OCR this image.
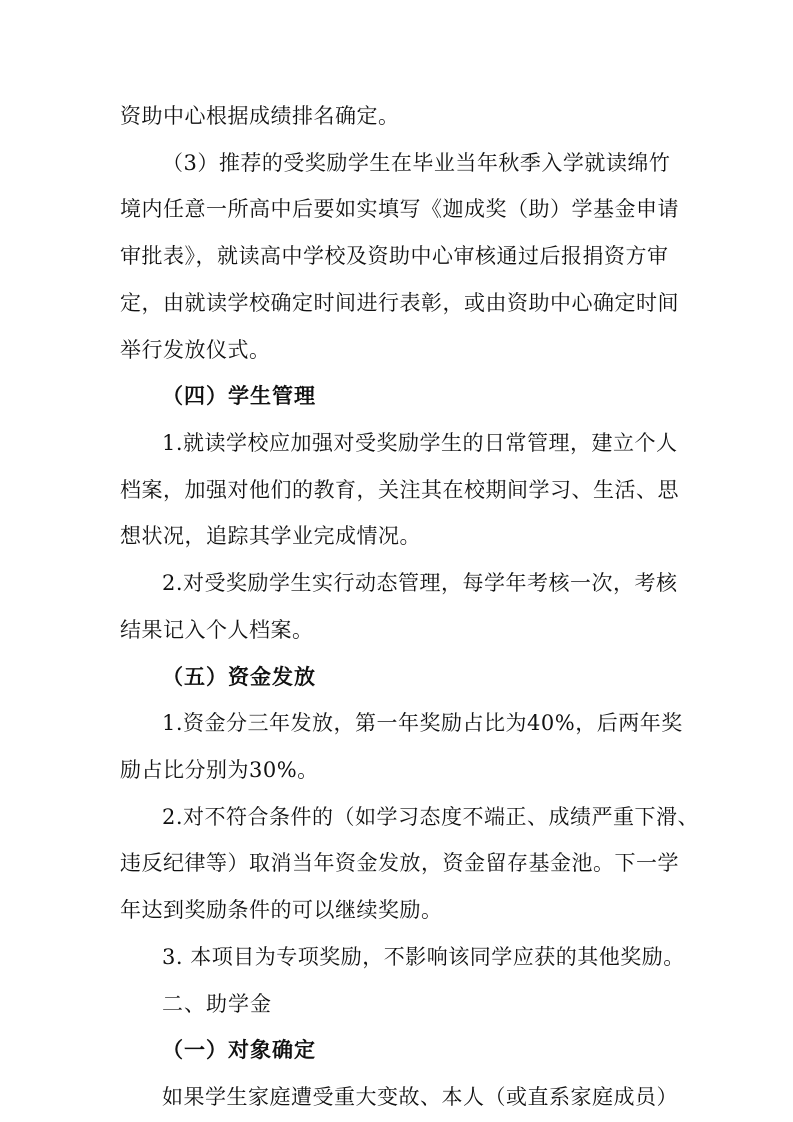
资助中心根据成绩排名确定。
（3）推荐的受奖励学生在毕业当年秋季入学就读绵竹
境内任意一所高中后要如实填写《迦成奖（助）学基金申请
审批表》，就读高中学校及资助中心审核通过后报捐资方审
定，由就读学校确定时间进行表彰，或由资助中心确定时间
举行发放仪式。
（四）学生管理
1.就读学校应加强对受奖励学生的日常管理，建立个人
档案，加强对他们的教育，关注其在校期间学习、生活、思
想状况，追踪其学业完成情况。
2.对受奖励学生实行动态管理，每学年考核一次，考核
结果记入个人档案。
（五）资金发放
1.资金分三年发放，第一年奖励占比为40%，后两年奖
励占比分别为30%。
2.对不符合条件的（如学习态度不端正、成绩严重下滑、
违反纪律等）取消当年资金发放，资金留存基金池。下一学
年达到奖励条件的可以继续奖励。
3. 本项目为专项奖励，不影响该同学应获的其他奖励。
二、助学金
（一）对象确定
如果学生家庭遭受重大变故、本人（或直系家庭成员）
